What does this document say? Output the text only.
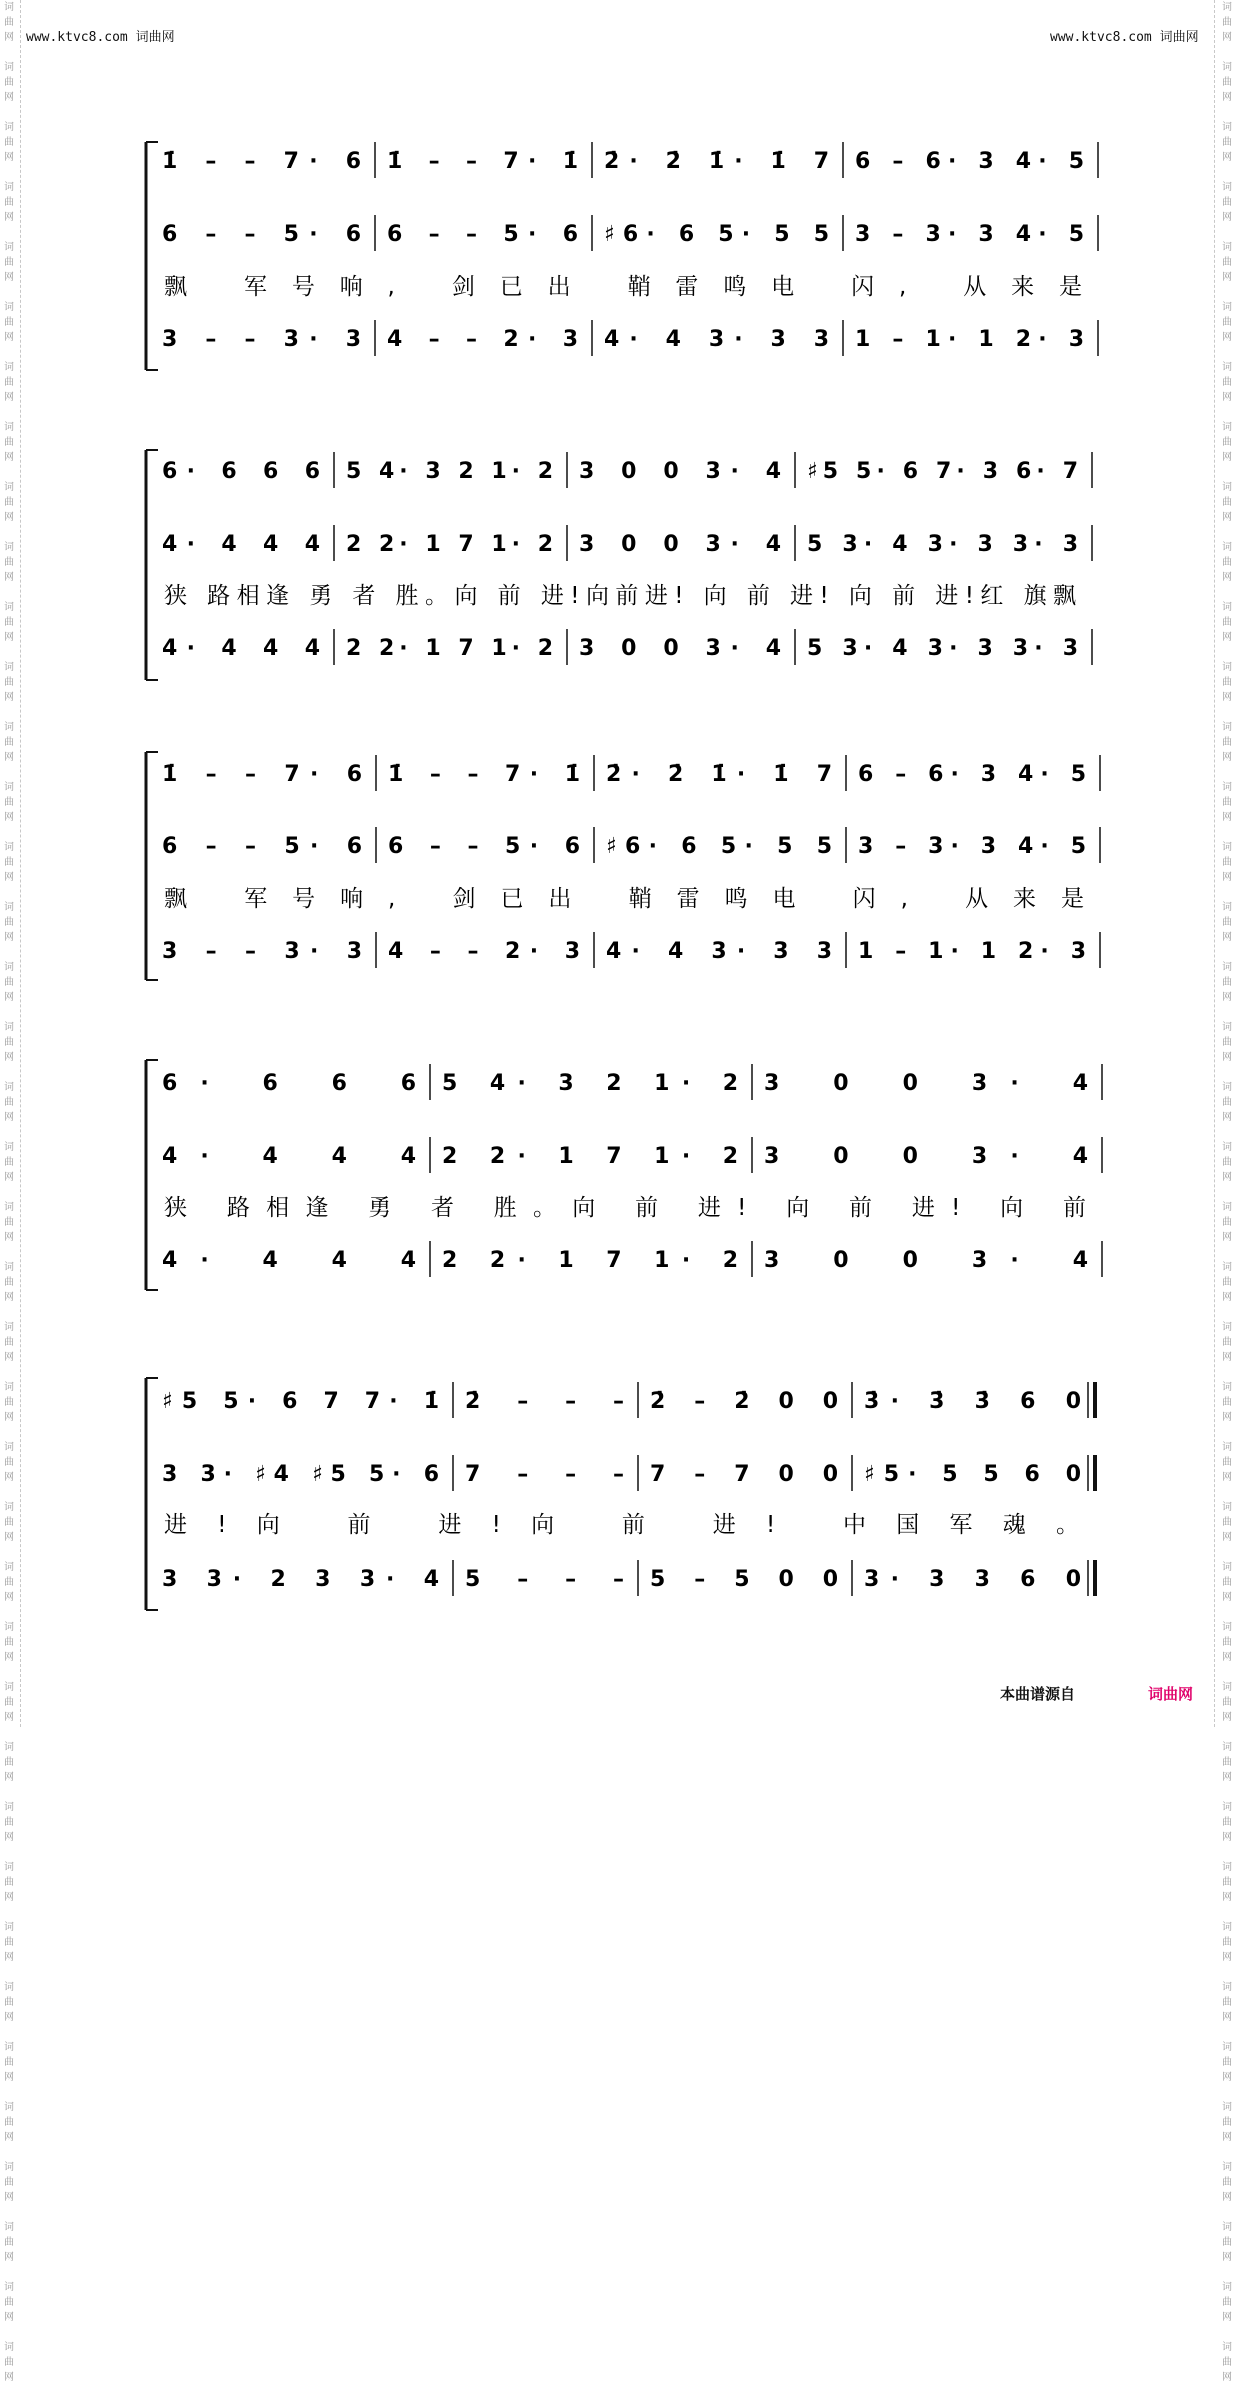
www.ktvc8.com 词曲网	www.ktvc8.com 词曲网
词
曲
网

词
曲
网

词
曲
网

词
曲
网

词
曲
网

词
曲
网

词
曲
网

词
曲
网

词
曲
网

词
曲
网

词
曲
网

词
曲
网

词
曲
网

词
曲
网

词
曲
网

词
曲
网

词
曲
网

词
曲
网

词
曲
网

词
曲
网

词
曲
网

词
曲
网

词
曲
网

词
曲
网

词
曲
网

词
曲
网

词
曲
网

词
曲
网

词
曲
网

词
曲
网

词
曲
网

词
曲
网

词
曲
网

词
曲
网

词
曲
网

词
曲
网

词
曲
网

词
曲
网

词
曲
网

词
曲
网

词
曲
网

词
曲
网

词
曲
网

词
曲
网

词
曲
网

词
曲
网

词
曲
网

词
曲
网

词
曲
网

词
曲
网

词
曲
网

词
曲
网

词
曲
网

词
曲
网

词
曲
网

词
曲
网

词
曲
网

词
曲
网

词
曲
网

词
曲
网

词
曲
网

词
曲
网

词
曲
网

词
曲
网

词
曲
网

词
曲
网

词
曲
网

词
曲
网

词
曲
网

词
曲
网

词
曲
网

词
曲
网

词
曲
网

词
曲
网

词
曲
网

词
曲
网

词
曲
网

词
曲
网

词
曲
网

词
曲
网

1̇ – – 7· 6 1̇ – – 7· 1̇ 2̇· 2̇ 1̇· 1̇ 7 6 – 6· 3 4· 5
6 – – 5· 6 6 – – 5· 6 ♯6· 6 5· 5 5 3 – 3· 3 4· 5
3 – – 3· 3 4 – – 2· 3 4· 4 3· 3 3 1 – 1· 1 2· 3
飘 军号响, 剑已出 鞘雷鸣电 闪, 从来是
6· 6 6 6 5 4· 3 2 1· 2 3 0 0 3· 4 ♯5 5· 6 7· 3 6· 7
4· 4 4 4 2 2· 1 7 1· 2 3 0 0 3· 4 5 3· 4 3· 3 3· 3
4· 4 4 4 2 2· 1 7 1· 2 3 0 0 3· 4 5 3· 4 3· 3 3· 3
狭 路相逢 勇 者 胜。向 前 进!向前进! 向 前 进! 向 前 进!红 旗飘
1̇ – – 7· 6 1̇ – – 7· 1̇ 2̇· 2̇ 1̇· 1̇ 7 6 – 6· 3 4· 5
6 – – 5· 6 6 – – 5· 6 ♯6· 6 5· 5 5 3 – 3· 3 4· 5
3 – – 3· 3 4 – – 2· 3 4· 4 3· 3 3 1 – 1· 1 2· 3
飘 军号响, 剑已出 鞘雷鸣电 闪, 从来是
6· 6 6 6 5 4· 3 2 1· 2 3 0 0 3· 4
4· 4 4 4 2 2· 1 7 1· 2 3 0 0 3· 4
4· 4 4 4 2 2· 1 7 1· 2 3 0 0 3· 4
狭 路相逢 勇 者 胜。向 前 进! 向 前 进! 向 前
♯5 5· 6 7 7· 1̇ 2̇ – – – 2̇ – 2̇ 0 0 3̇· 3̇ 3̇ 6 0
3 3· ♯4 ♯5 5· 6 7 – – – 7 – 7 0 0 ♯5· 5 5 6 0
3 3· 2 3 3· 4 5 – – – 5 – 5 0 0 3· 3 3 6 0
进!向 前 进!向 前 进! 中国军魂。
本曲谱源自	词曲网
